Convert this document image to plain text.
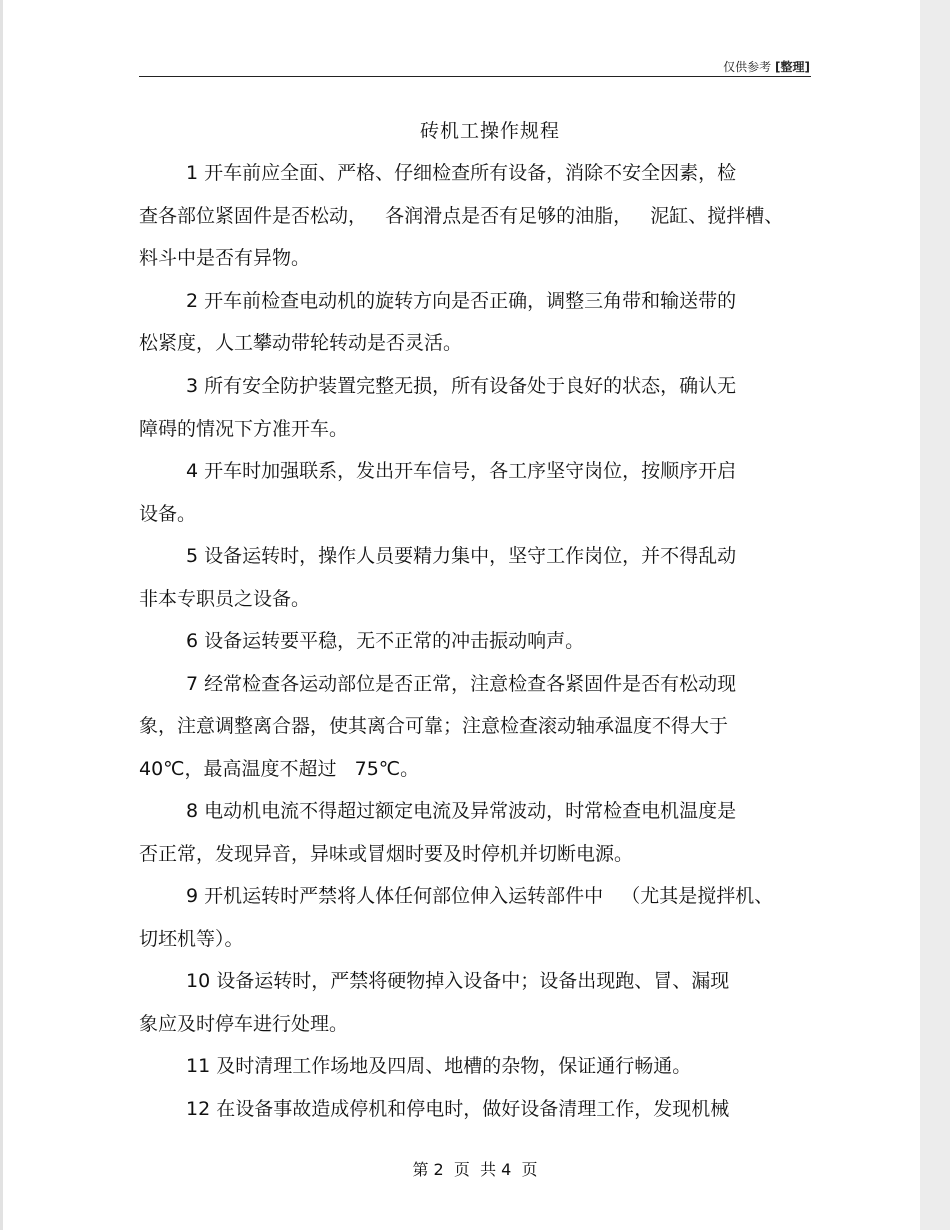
仅供参考 [整理]
砖机工操作规程
1 开车前应全面、严格、仔细检查所有设备，消除不安全因素，检
查各部位紧固件是否松动，   各润滑点是否有足够的油脂，   泥缸、搅拌槽、
料斗中是否有异物。
2 开车前检查电动机的旋转方向是否正确，调整三角带和输送带的
松紧度，人工攀动带轮转动是否灵活。
3 所有安全防护装置完整无损，所有设备处于良好的状态，确认无
障碍的情况下方准开车。
4 开车时加强联系，发出开车信号，各工序坚守岗位，按顺序开启
设备。
5 设备运转时，操作人员要精力集中，坚守工作岗位，并不得乱动
非本专职员之设备。
6 设备运转要平稳，无不正常的冲击振动响声。
7 经常检查各运动部位是否正常，注意检查各紧固件是否有松动现
象，注意调整离合器，使其离合可靠；注意检查滚动轴承温度不得大于
40℃，最高温度不超过   75℃。
8 电动机电流不得超过额定电流及异常波动，时常检查电机温度是
否正常，发现异音，异味或冒烟时要及时停机并切断电源。
9 开机运转时严禁将人体任何部位伸入运转部件中   （尤其是搅拌机、
切坯机等）。
10 设备运转时，严禁将硬物掉入设备中；设备出现跑、冒、漏现
象应及时停车进行处理。
11 及时清理工作场地及四周、地槽的杂物，保证通行畅通。
12 在设备事故造成停机和停电时，做好设备清理工作，发现机械
第 2  页  共 4  页
